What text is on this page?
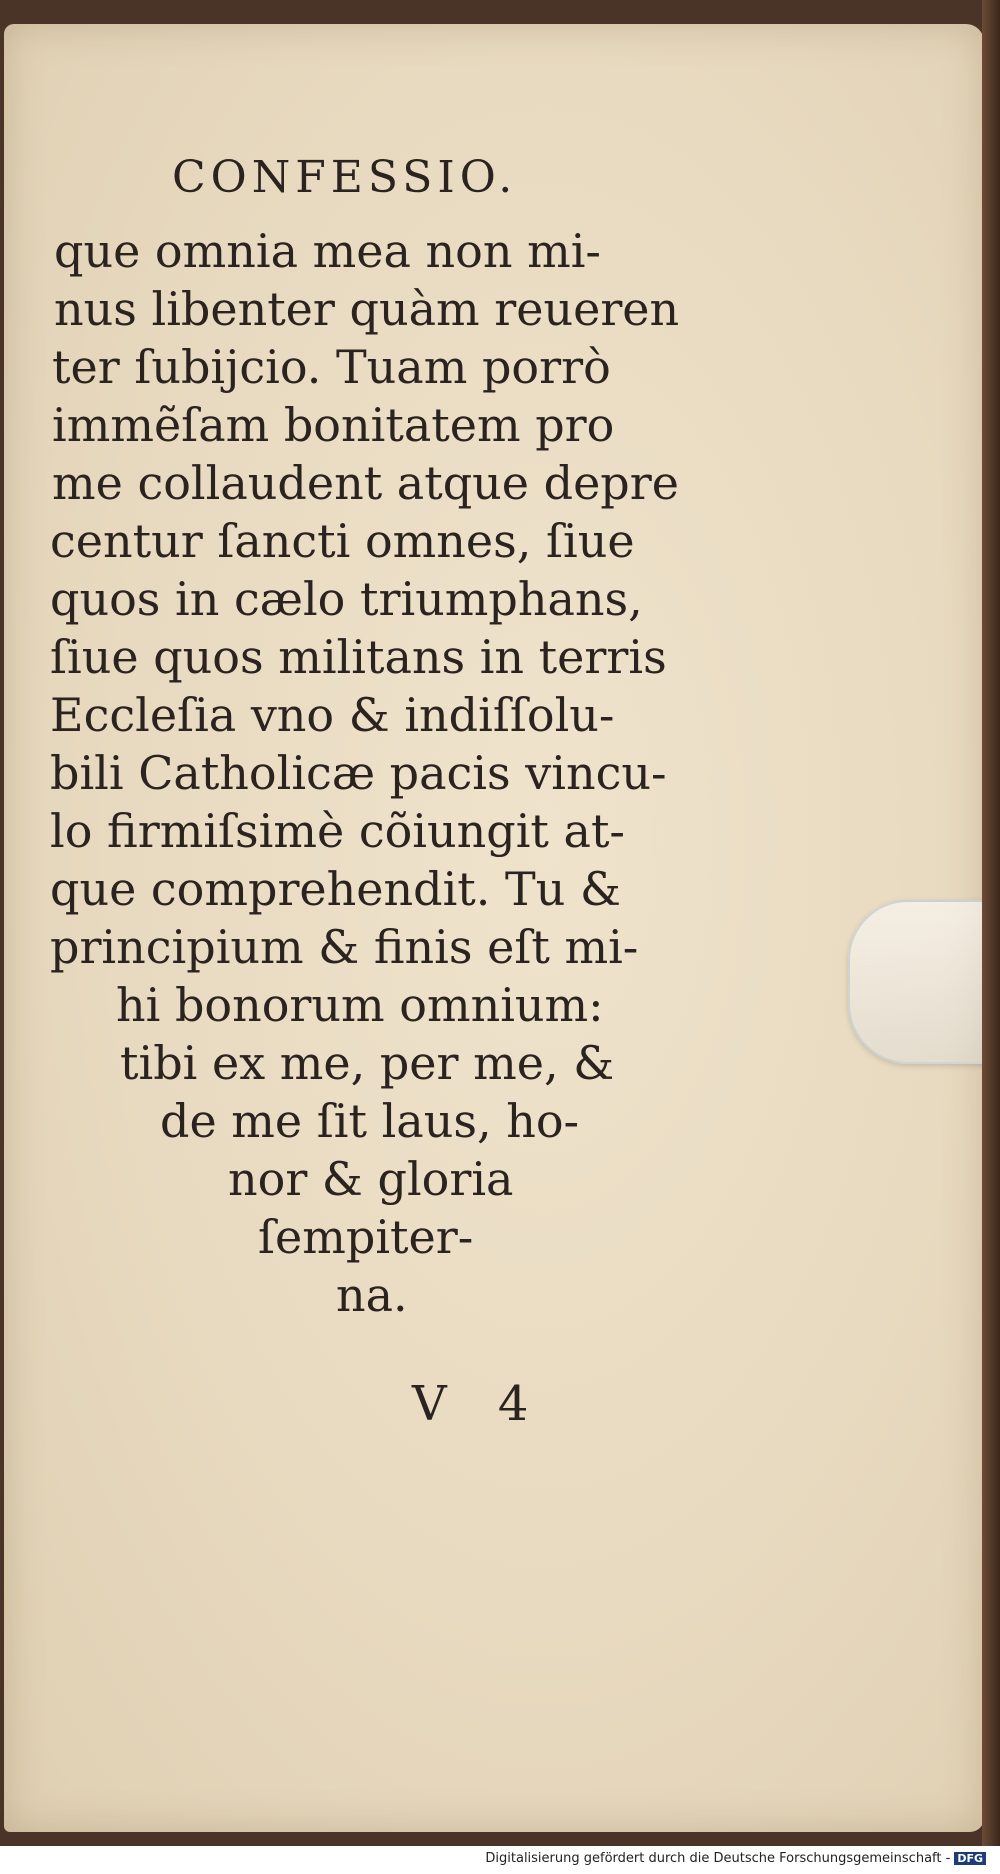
CONFESSIO.
que omnia mea non mi-
nus libenter quàm reueren
ter ſubijcio. Tuam porrò
immẽſam bonitatem pro
me collaudent atque depre
centur ſancti omnes, ſiue
quos in cælo triumphans,
ſiue quos militans in terris
Eccleſia vno & indiſſolu-
bili Catholicæ pacis vincu-
lo firmiſsimè cõiungit at-
que comprehendit. Tu &
principium & finis eſt mi-
hi bonorum omnium:
tibi ex me, per me, &
de me ſit laus, ho-
nor & gloria
ſempiter-
na.
V 4
Digitalisierung gefördert durch die Deutsche Forschungsgemeinschaft - DFG
